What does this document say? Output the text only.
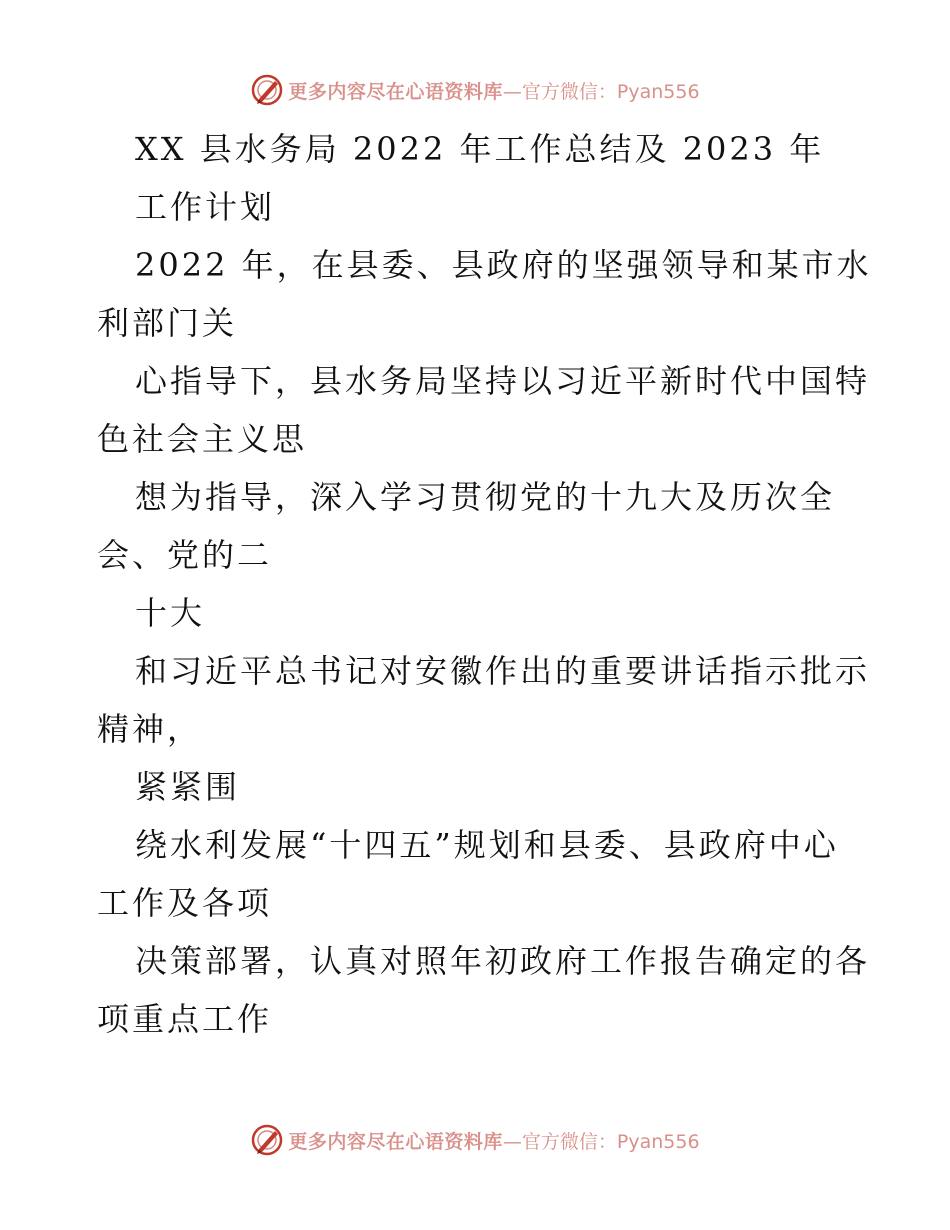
更多内容尽在心语资料库 —官方微信：Pyan556
XX 县水务局 2022 年工作总结及 2023 年
工作计划
2022 年，在县委、县政府的坚强领导和某市水
利部门关
心指导下，县水务局坚持以习近平新时代中国特
色社会主义思
想为指导，深入学习贯彻党的十九大及历次全
会、党的二
十大
和习近平总书记对安徽作出的重要讲话指示批示
精神，
紧紧围
绕水利发展“十四五”规划和县委、县政府中心
工作及各项
决策部署，认真对照年初政府工作报告确定的各
项重点工作
更多内容尽在心语资料库 —官方微信：Pyan556
